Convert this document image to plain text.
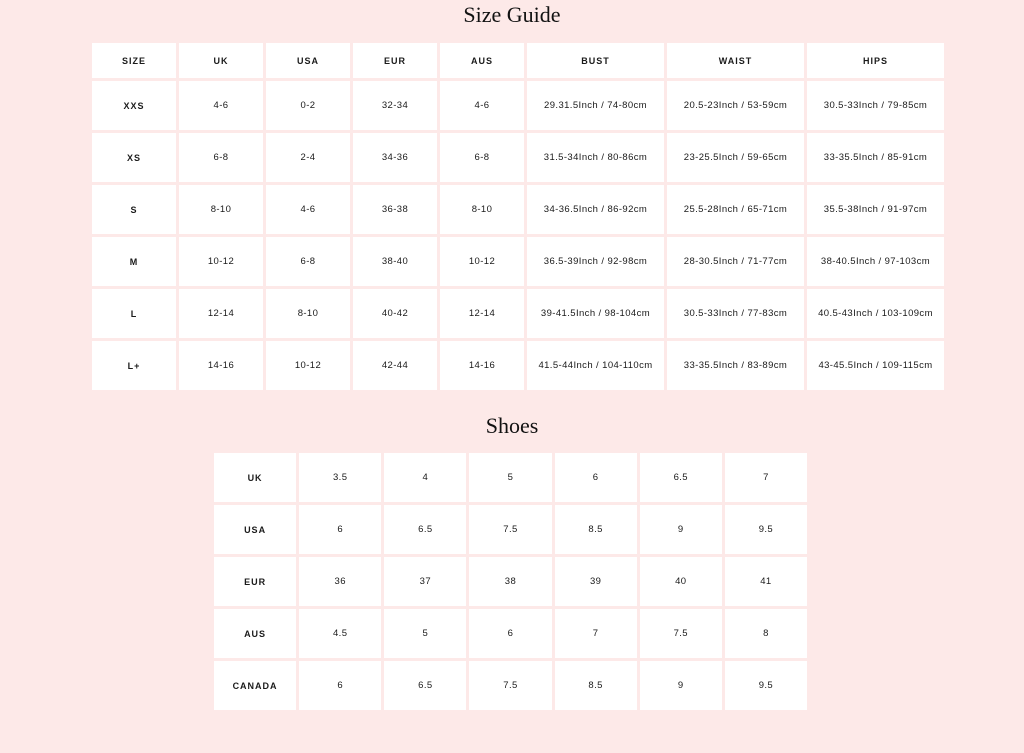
Size Guide
SIZE	UK	USA	EUR	AUS	BUST	WAIST	HIPS
XXS	4-6	0-2	32-34	4-6	29.31.5Inch / 74-80cm	20.5-23Inch / 53-59cm	30.5-33Inch / 79-85cm
XS	6-8	2-4	34-36	6-8	31.5-34Inch / 80-86cm	23-25.5Inch / 59-65cm	33-35.5Inch / 85-91cm
S	8-10	4-6	36-38	8-10	34-36.5Inch / 86-92cm	25.5-28Inch / 65-71cm	35.5-38Inch / 91-97cm
M	10-12	6-8	38-40	10-12	36.5-39Inch / 92-98cm	28-30.5Inch / 71-77cm	38-40.5Inch / 97-103cm
L	12-14	8-10	40-42	12-14	39-41.5Inch / 98-104cm	30.5-33Inch / 77-83cm	40.5-43Inch / 103-109cm
L+	14-16	10-12	42-44	14-16	41.5-44Inch / 104-110cm	33-35.5Inch / 83-89cm	43-45.5Inch / 109-115cm
Shoes
UK	3.5	4	5	6	6.5	7
USA	6	6.5	7.5	8.5	9	9.5
EUR	36	37	38	39	40	41
AUS	4.5	5	6	7	7.5	8
CANADA	6	6.5	7.5	8.5	9	9.5
